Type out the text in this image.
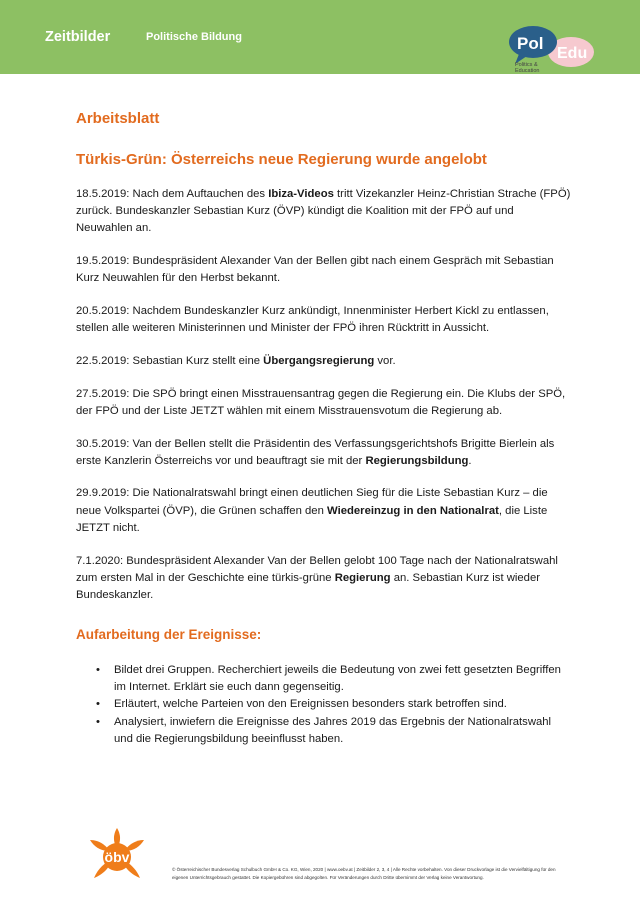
Zeitbilder	Politische Bildung	Pol
Edu
Politics &
Education
Arbeitsblatt
Türkis-Grün: Österreichs neue Regierung wurde angelobt

18.5.2019: Nach dem Auftauchen des Ibiza-Videos tritt Vizekanzler Heinz-Christian Strache (FPÖ) zurück. Bundeskanzler Sebastian Kurz (ÖVP) kündigt die Koalition mit der FPÖ auf und Neuwahlen an.

19.5.2019: Bundespräsident Alexander Van der Bellen gibt nach einem Gespräch mit Sebastian Kurz Neuwahlen für den Herbst bekannt.

20.5.2019: Nachdem Bundeskanzler Kurz ankündigt, Innenminister Herbert Kickl zu entlassen, stellen alle weiteren Ministerinnen und Minister der FPÖ ihren Rücktritt in Aussicht.

22.5.2019: Sebastian Kurz stellt eine Übergangsregierung vor.

27.5.2019: Die SPÖ bringt einen Misstrauensantrag gegen die Regierung ein. Die Klubs der SPÖ, der FPÖ und der Liste JETZT wählen mit einem Misstrauensvotum die Regierung ab.

30.5.2019: Van der Bellen stellt die Präsidentin des Verfassungsgerichtshofs Brigitte Bierlein als erste Kanzlerin Österreichs vor und beauftragt sie mit der Regierungsbildung.

29.9.2019: Die Nationalratswahl bringt einen deutlichen Sieg für die Liste Sebastian Kurz – die neue Volkspartei (ÖVP), die Grünen schaffen den Wiedereinzug in den Nationalrat, die Liste JETZT nicht.

7.1.2020: Bundespräsident Alexander Van der Bellen gelobt 100 Tage nach der Nationalratswahl zum ersten Mal in der Geschichte eine türkis-grüne Regierung an. Sebastian Kurz ist wieder Bundeskanzler.

Aufarbeitung der Ereignisse:
• Bildet drei Gruppen. Recherchiert jeweils die Bedeutung von zwei fett gesetzten Begriffen im Internet. Erklärt sie euch dann gegenseitig.
• Erläutert, welche Parteien von den Ereignissen besonders stark betroffen sind.
• Analysiert, inwiefern die Ereignisse des Jahres 2019 das Ergebnis der Nationalratswahl und die Regierungsbildung beeinflusst haben.
öbv
© Österreichischer Bundesverlag Schulbuch GmbH & Co. KG, Wien, 2020 | www.oebv.at | Zeitbilder 2, 3, 4 | Alle Rechte vorbehalten. Von dieser Druckvorlage ist die Vervielfältigung für den eigenen Unterrichtsgebrauch gestattet. Die Kopiergebühren sind abgegolten. Für Veränderungen durch Dritte übernimmt der Verlag keine Verantwortung.
